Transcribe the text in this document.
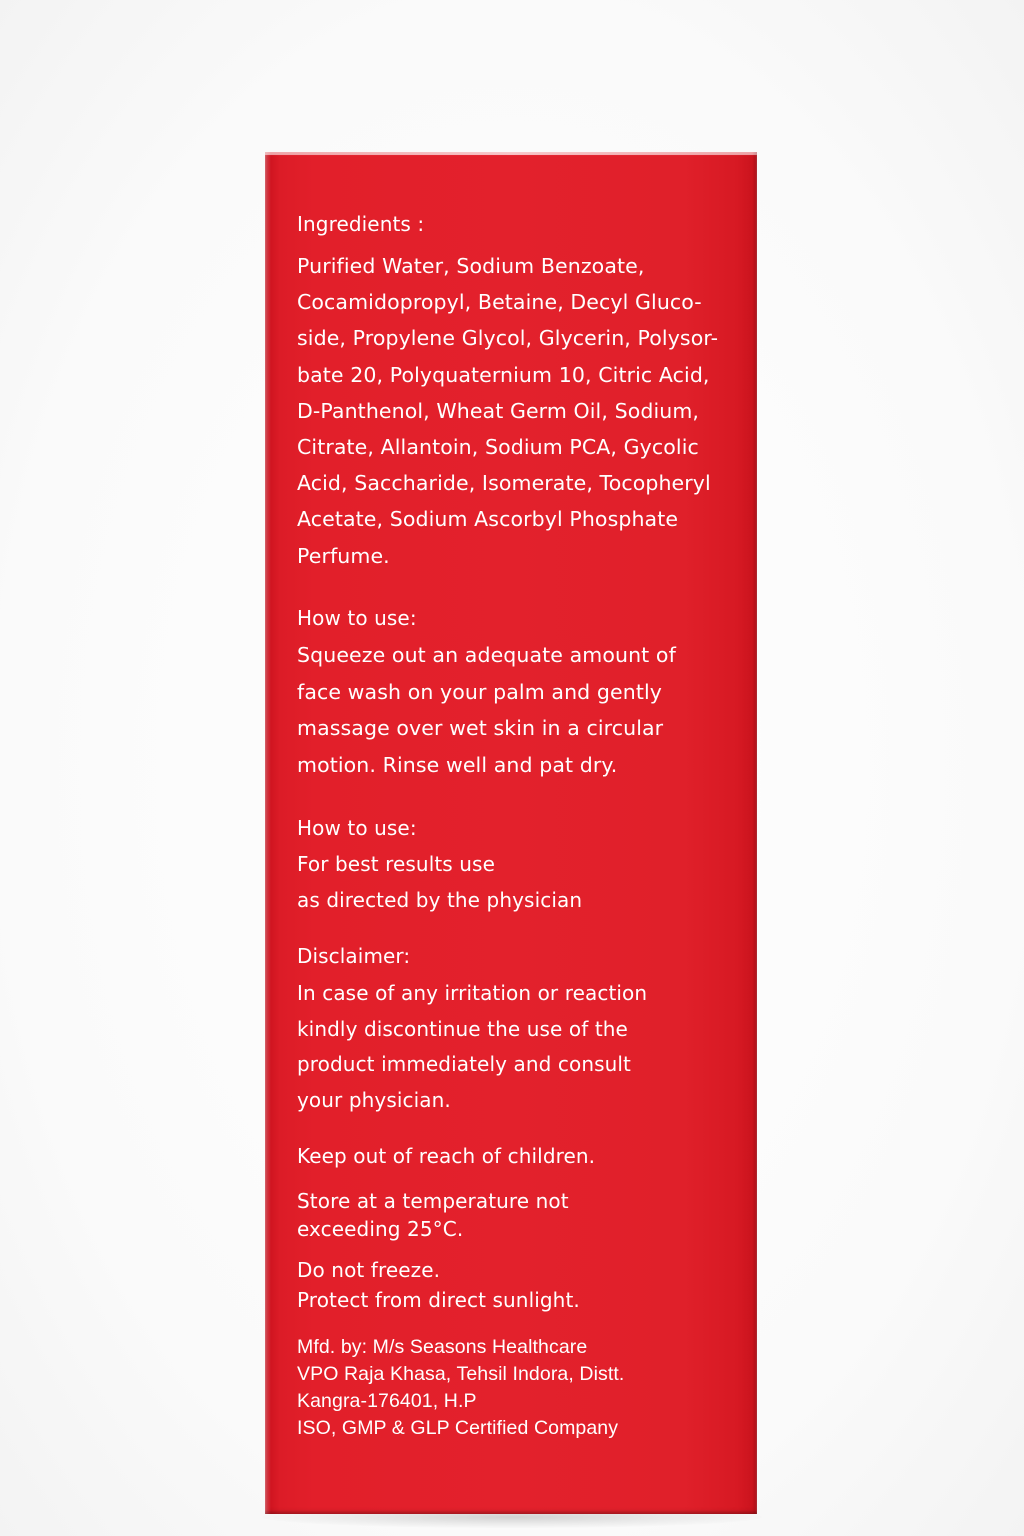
Ingredients :
Purified Water, Sodium Benzoate,
Cocamidopropyl, Betaine, Decyl Gluco-
side, Propylene Glycol, Glycerin, Polysor-
bate 20, Polyquaternium 10, Citric Acid,
D-Panthenol, Wheat Germ Oil, Sodium,
Citrate, Allantoin, Sodium PCA, Gycolic
Acid, Saccharide, Isomerate, Tocopheryl
Acetate, Sodium Ascorbyl Phosphate
Perfume.
How to use:
Squeeze out an adequate amount of
face wash on your palm and gently
massage over wet skin in a circular
motion. Rinse well and pat dry.
How to use:
For best results use
as directed by the physician
Disclaimer:
In case of any irritation or reaction
kindly discontinue the use of the
product immediately and consult
your physician.
Keep out of reach of children.
Store at a temperature not
exceeding 25°C.
Do not freeze.
Protect from direct sunlight.
Mfd. by: M/s Seasons Healthcare
VPO Raja Khasa, Tehsil Indora, Distt.
Kangra-176401, H.P
ISO, GMP & GLP Certified Company
